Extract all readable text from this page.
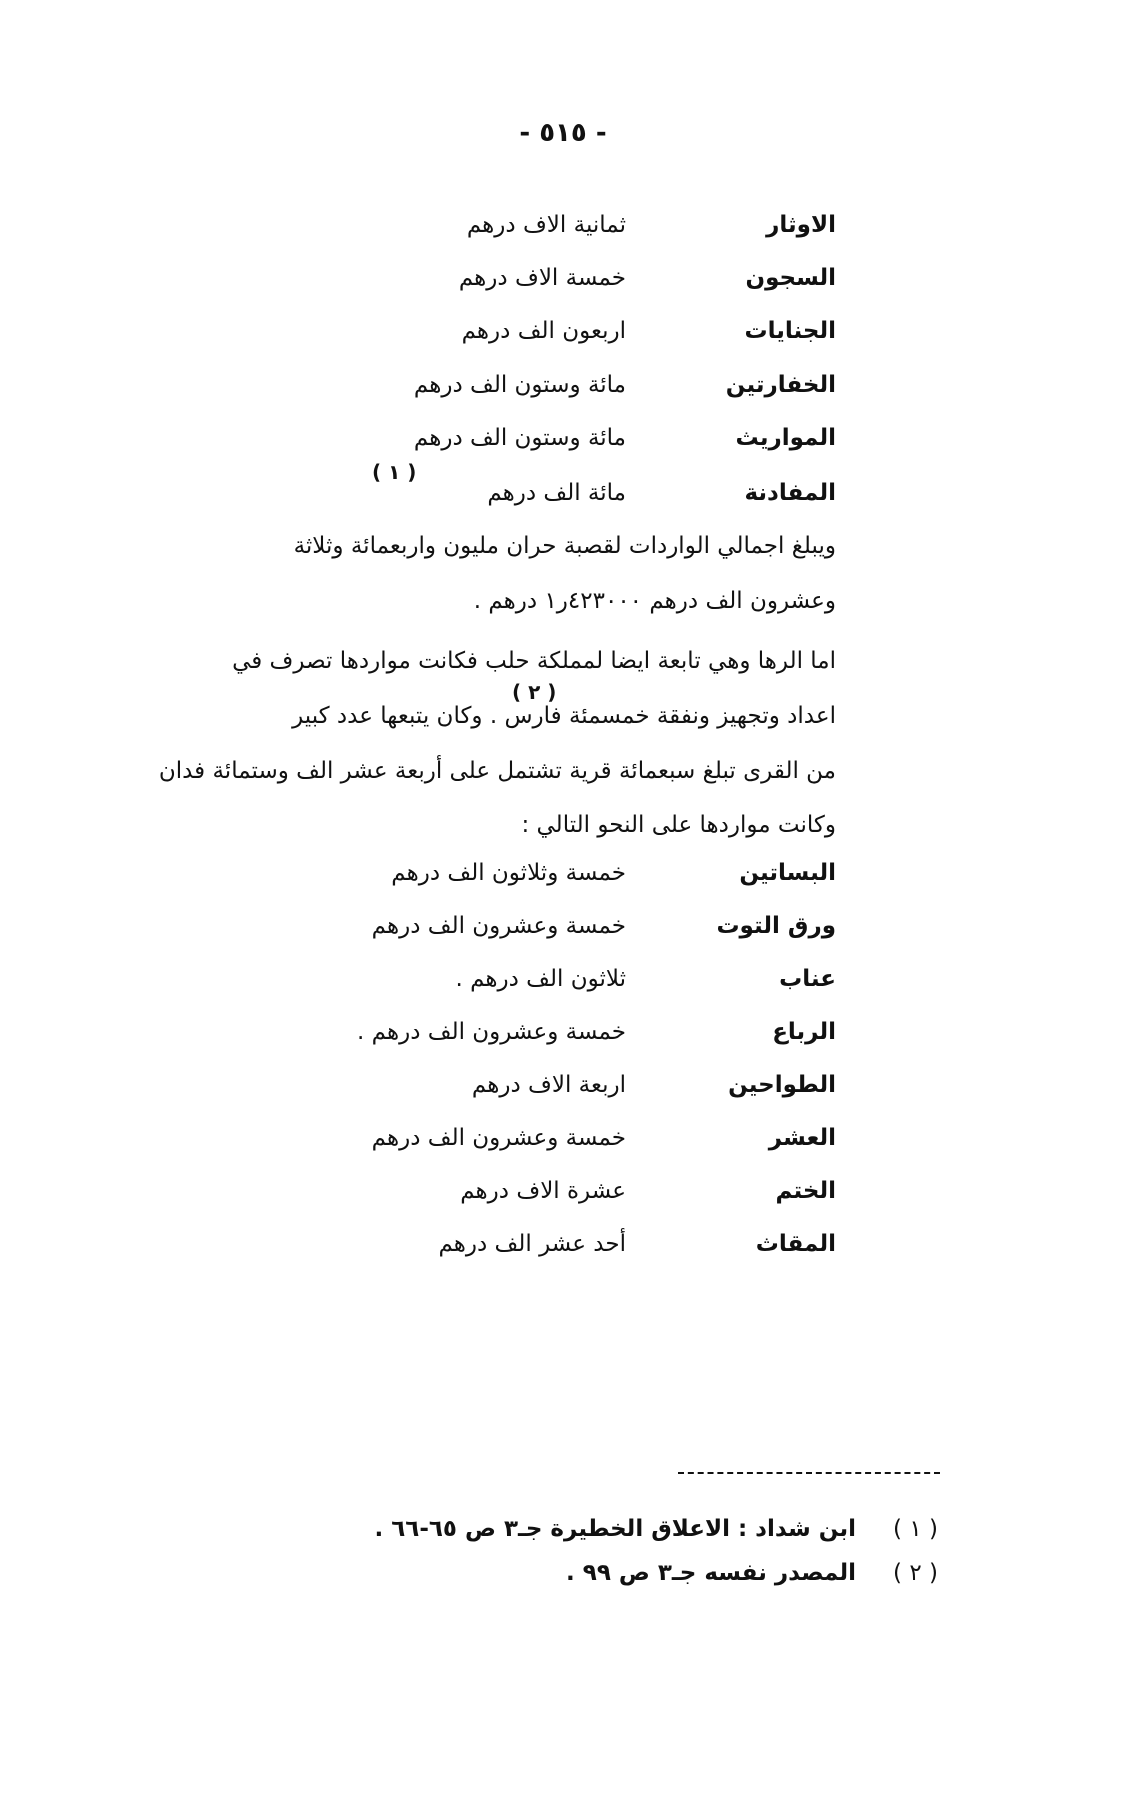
- ٥١٥ -
الاوثار
ثمانية الاف درهم
السجون
خمسة الاف درهم
الجنايات
اربعون الف درهم
الخفارتين
مائة وستون الف درهم
المواريث
مائة وستون الف درهم
المفادنة
مائة الف درهم
( ١ )
ويبلغ اجمالي الواردات لقصبة حران مليون واربعمائة وثلاثة
وعشرون الف درهم ٤٢٣٠٠٠ر١ درهم .
اما الرها وهي تابعة ايضا لمملكة حلب فكانت مواردها تصرف في
اعداد وتجهيز ونفقة خمسمئة فارس . وكان يتبعها عدد كبير
( ٢ )
من القرى تبلغ سبعمائة قرية تشتمل على أربعة عشر الف وستمائة فدان
وكانت مواردها على النحو التالي :
البساتين
خمسة وثلاثون الف درهم
ورق التوت
خمسة وعشرون الف درهم
عناب
ثلاثون الف درهم .
الرباع
خمسة وعشرون الف درهم .
الطواحين
اربعة الاف درهم
العشر
خمسة وعشرون الف درهم
الختم
عشرة الاف درهم
المقاث
أحد عشر الف درهم
( ١ )
ابن شداد : الاعلاق الخطيرة جـ٣ ص ٦٥-٦٦ .
( ٢ )
المصدر نفسه جـ٣ ص ٩٩ .
